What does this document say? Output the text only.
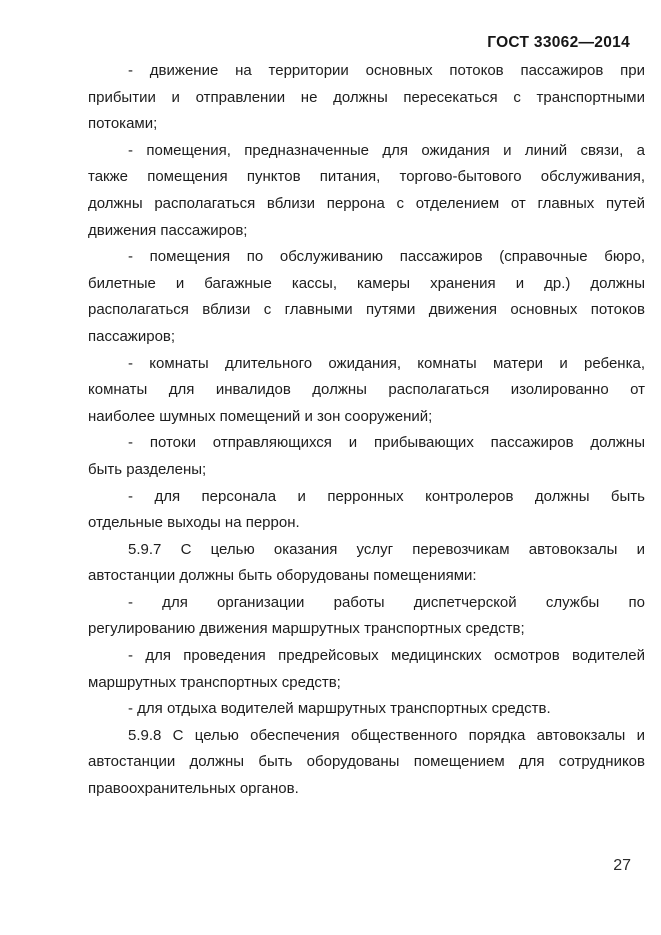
ГОСТ 33062—2014
- движение на территории основных потоков пассажиров при
прибытии и отправлении не должны пересекаться с транспортными
потоками;
- помещения, предназначенные для ожидания и линий связи, а
также помещения пунктов питания, торгово-бытового обслуживания,
должны располагаться вблизи перрона с отделением от главных путей
движения пассажиров;
- помещения по обслуживанию пассажиров (справочные бюро,
билетные и багажные кассы, камеры хранения и др.) должны
располагаться вблизи с главными путями движения основных потоков
пассажиров;
- комнаты длительного ожидания, комнаты матери и ребенка,
комнаты для инвалидов должны располагаться изолированно от
наиболее шумных помещений и зон сооружений;
- потоки отправляющихся и прибывающих пассажиров должны
быть разделены;
- для персонала и перронных контролеров должны быть
отдельные выходы на перрон.
5.9.7 С целью оказания услуг перевозчикам автовокзалы и
автостанции должны быть оборудованы помещениями:
- для организации работы диспетчерской службы по
регулированию движения маршрутных транспортных средств;
- для проведения предрейсовых медицинских осмотров водителей
маршрутных транспортных средств;
- для отдыха водителей маршрутных транспортных средств.
5.9.8 С целью обеспечения общественного порядка автовокзалы и
автостанции должны быть оборудованы помещением для сотрудников
правоохранительных органов.
27
